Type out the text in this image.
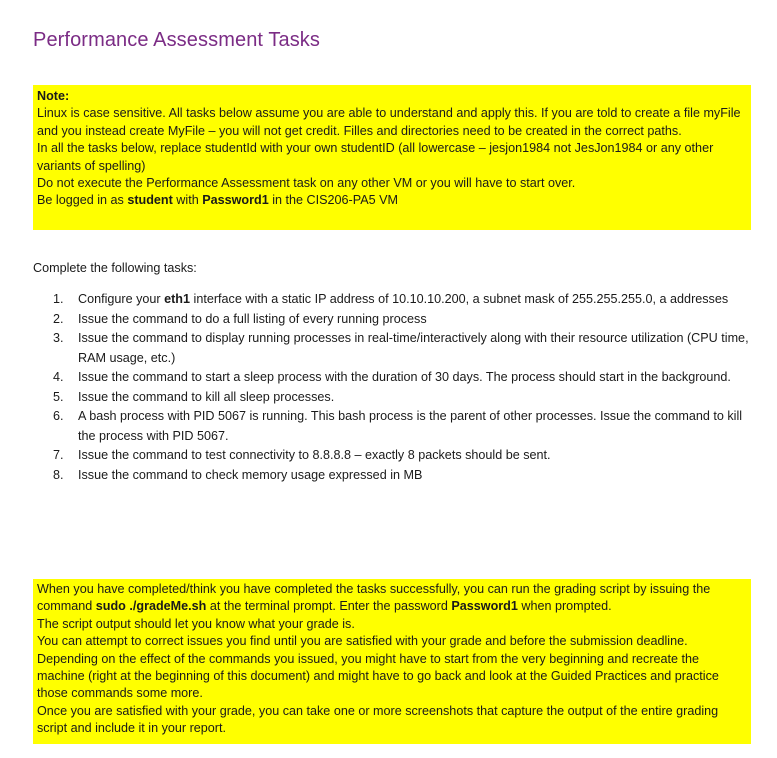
Performance Assessment Tasks

Note:

Linux is case sensitive. All tasks below assume you are able to understand and apply this. If you are told to create a file myFile and you instead create MyFile – you will not get credit. Filles and directories need to be created in the correct paths.

In all the tasks below, replace studentId with your own studentID (all lowercase – jesjon1984 not JesJon1984 or any other variants of spelling)

Do not execute the Performance Assessment task on any other VM or you will have to start over.

Be logged in as student with Password1 in the CIS206-PA5 VM

Complete the following tasks:
1. Configure your eth1 interface with a static IP address of 10.10.10.200, a subnet mask of 255.255.255.0, a addresses
2. Issue the command to do a full listing of every running process
3. Issue the command to display running processes in real-time/interactively along with their resource utilization (CPU time, RAM usage, etc.)
4. Issue the command to start a sleep process with the duration of 30 days. The process should start in the background.
5. Issue the command to kill all sleep processes.
6. A bash process with PID 5067 is running. This bash process is the parent of other processes. Issue the command to kill the process with PID 5067.
7. Issue the command to test connectivity to 8.8.8.8 – exactly 8 packets should be sent.
8. Issue the command to check memory usage expressed in MB

When you have completed/think you have completed the tasks successfully, you can run the grading script by issuing the command sudo ./gradeMe.sh at the terminal prompt. Enter the password Password1 when prompted.

The script output should let you know what your grade is.

You can attempt to correct issues you find until you are satisfied with your grade and before the submission deadline. Depending on the effect of the commands you issued, you might have to start from the very beginning and recreate the machine (right at the beginning of this document) and might have to go back and look at the Guided Practices and practice those commands some more.

Once you are satisfied with your grade, you can take one or more screenshots that capture the output of the entire grading script and include it in your report.
